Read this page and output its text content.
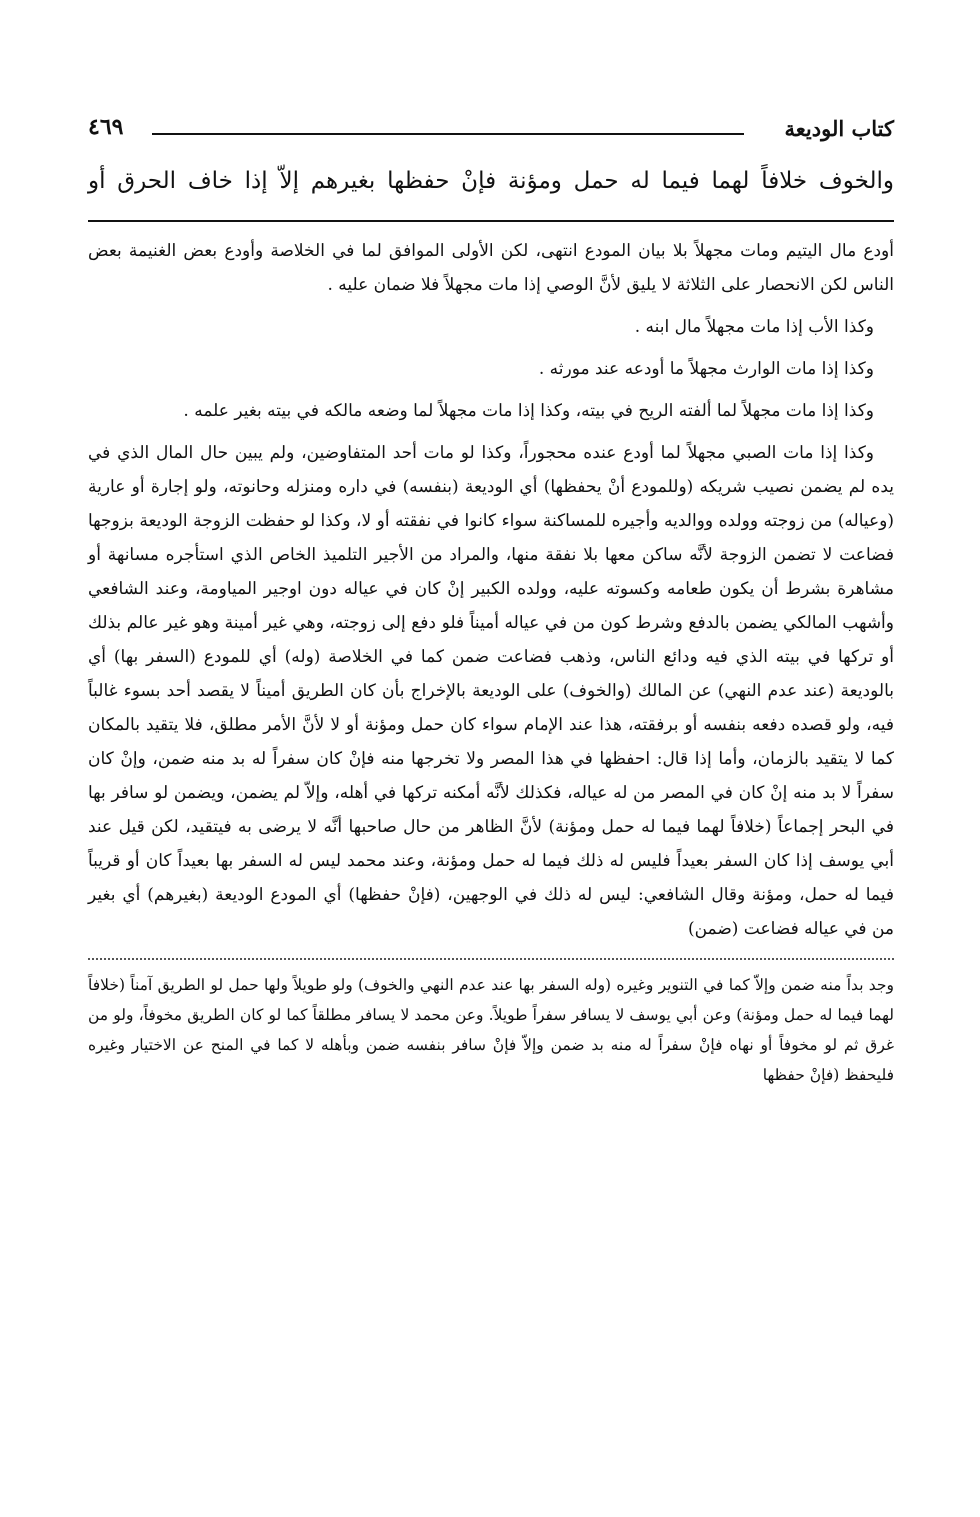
كتاب الوديعة
٤٦٩
والخوف خلافاً لهما فيما له حمل ومؤنة فإنْ حفظها بغيرهم إلاّ إذا خاف الحرق أو

أودع مال اليتيم ومات مجهلاً بلا بيان المودع انتهى، لكن الأولى الموافق لما في الخلاصة وأودع بعض الغنيمة بعض الناس لكن الانحصار على الثلاثة لا يليق لأنَّ الوصي إذا مات مجهلاً فلا ضمان عليه .

وكذا الأب إذا مات مجهلاً مال ابنه .

وكذا إذا مات الوارث مجهلاً ما أودعه عند مورثه .

وكذا إذا مات مجهلاً لما ألفته الريح في بيته، وكذا إذا مات مجهلاً لما وضعه مالكه في بيته بغير علمه .

وكذا إذا مات الصبي مجهلاً لما أودع عنده محجوراً، وكذا لو مات أحد المتفاوضين، ولم يبين حال المال الذي في يده لم يضمن نصيب شريكه (وللمودع أنْ يحفظها) أي الوديعة (بنفسه) في داره ومنزله وحانوته، ولو إجارة أو عارية (وعياله) من زوجته وولده ووالديه وأجيره للمساكنة سواء كانوا في نفقته أو لا، وكذا لو حفظت الزوجة الوديعة بزوجها فضاعت لا تضمن الزوجة لأنَّه ساكن معها بلا نفقة منها، والمراد من الأجير التلميذ الخاص الذي استأجره مسانهة أو مشاهرة بشرط أن يكون طعامه وكسوته عليه، وولده الكبير إنْ كان في عياله دون اوجير المياومة، وعند الشافعي وأشهب المالكي يضمن بالدفع وشرط كون من في عياله أميناً فلو دفع إلى زوجته، وهي غير أمينة وهو غير عالم بذلك أو تركها في بيته الذي فيه ودائع الناس، وذهب فضاعت ضمن كما في الخلاصة (وله) أي للمودع (السفر بها) أي بالوديعة (عند عدم النهي) عن المالك (والخوف) على الوديعة بالإخراج بأن كان الطريق أميناً لا يقصد أحد بسوء غالباً فيه، ولو قصده دفعه بنفسه أو برفقته، هذا عند الإمام سواء كان حمل ومؤنة أو لا لأنَّ الأمر مطلق، فلا يتقيد بالمكان كما لا يتقيد بالزمان، وأما إذا قال: احفظها في هذا المصر ولا تخرجها منه فإنْ كان سفراً له بد منه ضمن، وإنْ كان سفراً لا بد منه إنْ كان في المصر من له عياله، فكذلك لأنَّه أمكنه تركها في أهله، وإلاّ لم يضمن، ويضمن لو سافر بها في البحر إجماعاً (خلافاً لهما فيما له حمل ومؤنة) لأنَّ الظاهر من حال صاحبها أنَّه لا يرضى به فيتقيد، لكن قيل عند أبي يوسف إذا كان السفر بعيداً فليس له ذلك فيما له حمل ومؤنة، وعند محمد ليس له السفر بها بعيداً كان أو قريباً فيما له حمل، ومؤنة وقال الشافعي: ليس له ذلك في الوجهين، (فإنْ حفظها) أي المودع الوديعة (بغيرهم) أي بغير من في عياله فضاعت (ضمن)

وجد بداً منه ضمن وإلاّ كما في التنوير وغيره (وله السفر بها عند عدم النهي والخوف) ولو طويلاً ولها حمل لو الطريق آمناً (خلافاً لهما فيما له حمل ومؤنة) وعن أبي يوسف لا يسافر سفراً طويلاً. وعن محمد لا يسافر مطلقاً كما لو كان الطريق مخوفاً، ولو من غرق ثم لو مخوفاً أو نهاه فإنْ سفراً له منه بد ضمن وإلاّ فإنْ سافر بنفسه ضمن وبأهله لا كما في المنح عن الاختيار وغيره فليحفظ (فإنْ حفظها
